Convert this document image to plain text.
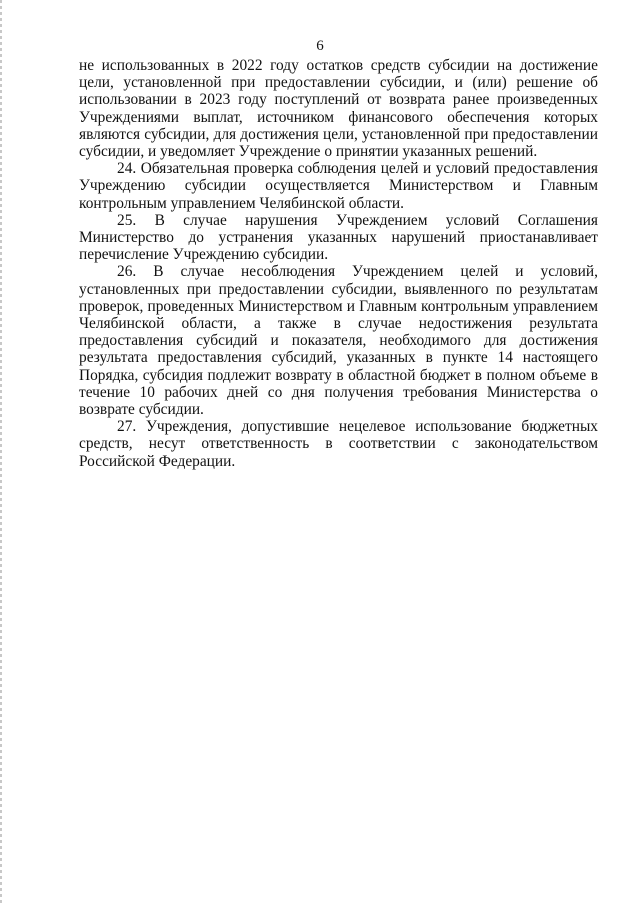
6

не использованных в 2022 году остатков средств субсидии на достижение цели, установленной при предоставлении субсидии, и (или) решение об использовании в 2023 году поступлений от возврата ранее произведенных Учреждениями выплат, источником финансового обеспечения которых являются субсидии, для достижения цели, установленной при предоставлении субсидии, и уведомляет Учреждение о принятии указанных решений.

24. Обязательная проверка соблюдения целей и условий предоставления Учреждению субсидии осуществляется Министерством и Главным контрольным управлением Челябинской области.

25. В случае нарушения Учреждением условий Соглашения Министерство до устранения указанных нарушений приостанавливает перечисление Учреждению субсидии.

26. В случае несоблюдения Учреждением целей и условий, установленных при предоставлении субсидии, выявленного по результатам проверок, проведенных Министерством и Главным контрольным управлением Челябинской области, а также в случае недостижения результата предоставления субсидий и показателя, необходимого для достижения результата предоставления субсидий, указанных в пункте 14 настоящего Порядка, субсидия подлежит возврату в областной бюджет в полном объеме в течение 10 рабочих дней со дня получения требования Министерства о возврате субсидии.

27. Учреждения, допустившие нецелевое использование бюджетных средств, несут ответственность в соответствии с законодательством Российской Федерации.
